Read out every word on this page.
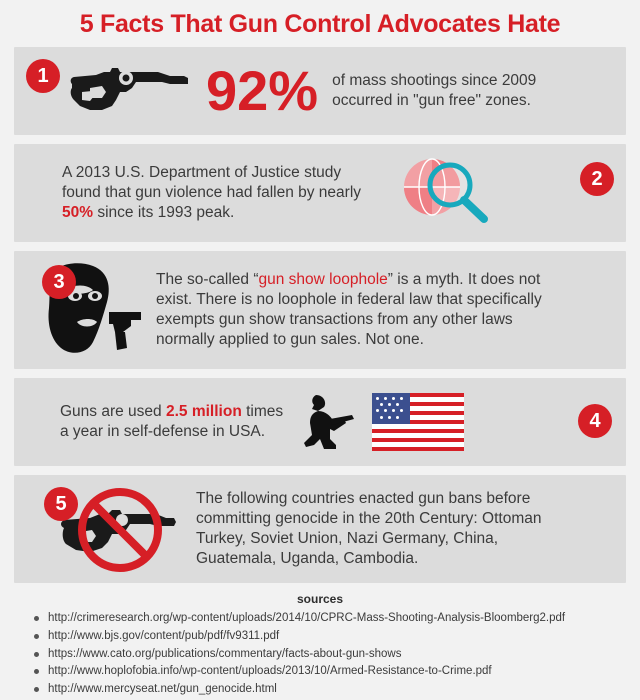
5 Facts That Gun Control Advocates Hate
1	92% of mass shootings since 2009 occurred in "gun free" zones.
2
A 2013 U.S. Department of Justice study found that gun violence had fallen by nearly 50% since its 1993 peak.
3	The so-called “gun show loophole” is a myth. It does not exist. There is no loophole in federal law that specifically exempts gun show transactions from any other laws normally applied to gun sales. Not one.
4
Guns are used 2.5 million times a year in self-defense in USA.
5	The following countries enacted gun bans before committing genocide in the 20th Century: Ottoman Turkey, Soviet Union, Nazi Germany, China, Guatemala, Uganda, Cambodia.
sources
http://crimeresearch.org/wp-content/uploads/2014/10/CPRC-Mass-Shooting-Analysis-Bloomberg2.pdf
http://www.bjs.gov/content/pub/pdf/fv9311.pdf
https://www.cato.org/publications/commentary/facts-about-gun-shows
http://www.hoplofobia.info/wp-content/uploads/2013/10/Armed-Resistance-to-Crime.pdf
http://www.mercyseat.net/gun_genocide.html
